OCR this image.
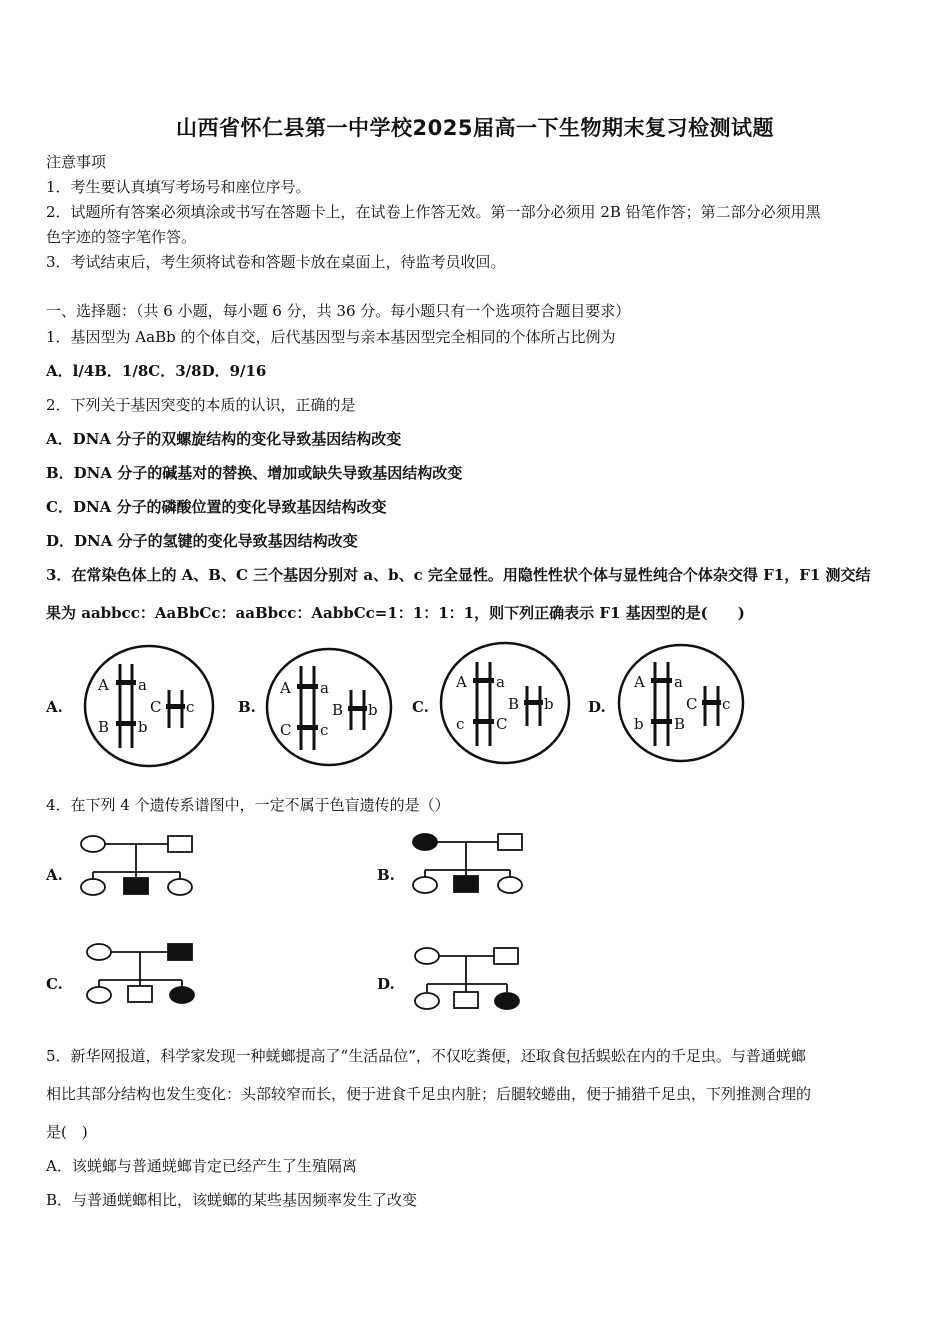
山西省怀仁县第一中学校2025届高一下生物期末复习检测试题
注意事项
1．考生要认真填写考场号和座位序号。
2．试题所有答案必须填涂或书写在答题卡上，在试卷上作答无效。第一部分必须用 2B 铅笔作答；第二部分必须用黑
色字迹的签字笔作答。
3．考试结束后，考生须将试卷和答题卡放在桌面上，待监考员收回。
一、选择题：（共 6 小题，每小题 6 分，共 36 分。每小题只有一个选项符合题目要求）
1．基因型为 AaBb 的个体自交，后代基因型与亲本基因型完全相同的个体所占比例为
A．l/4B．1/8C．3/8D．9/16
2．下列关于基因突变的本质的认识，正确的是
A．DNA 分子的双螺旋结构的变化导致基因结构改变
B．DNA 分子的碱基对的替换、增加或缺失导致基因结构改变
C．DNA 分子的磷酸位置的变化导致基因结构改变
D．DNA 分子的氢键的变化导致基因结构改变
3．在常染色体上的 A、B、C 三个基因分别对 a、b、c 完全显性。用隐性性状个体与显性纯合个体杂交得 F1，F1 测交结
果为 aabbcc：AaBbCc：aaBbcc：AabbCc=1：1：1：1，则下列正确表示 F1 基因型的是(　　)
A.	B.	C.	D.
A a
B b
C c
A a
C c
B b
A a
c C
B b
A a
b B
C c
4．在下列 4 个遗传系谱图中，一定不属于色盲遗传的是（）
A.	B.
C.	D.
5．新华网报道，科学家发现一种蜣螂提高了“生活品位”，不仅吃粪便，还取食包括蜈蚣在内的千足虫。与普通蜣螂
相比其部分结构也发生变化：头部较窄而长，便于进食千足虫内脏；后腿较蜷曲，便于捕猎千足虫，下列推测合理的
是(　)
A．该蜣螂与普通蜣螂肯定已经产生了生殖隔离
B．与普通蜣螂相比，该蜣螂的某些基因频率发生了改变
